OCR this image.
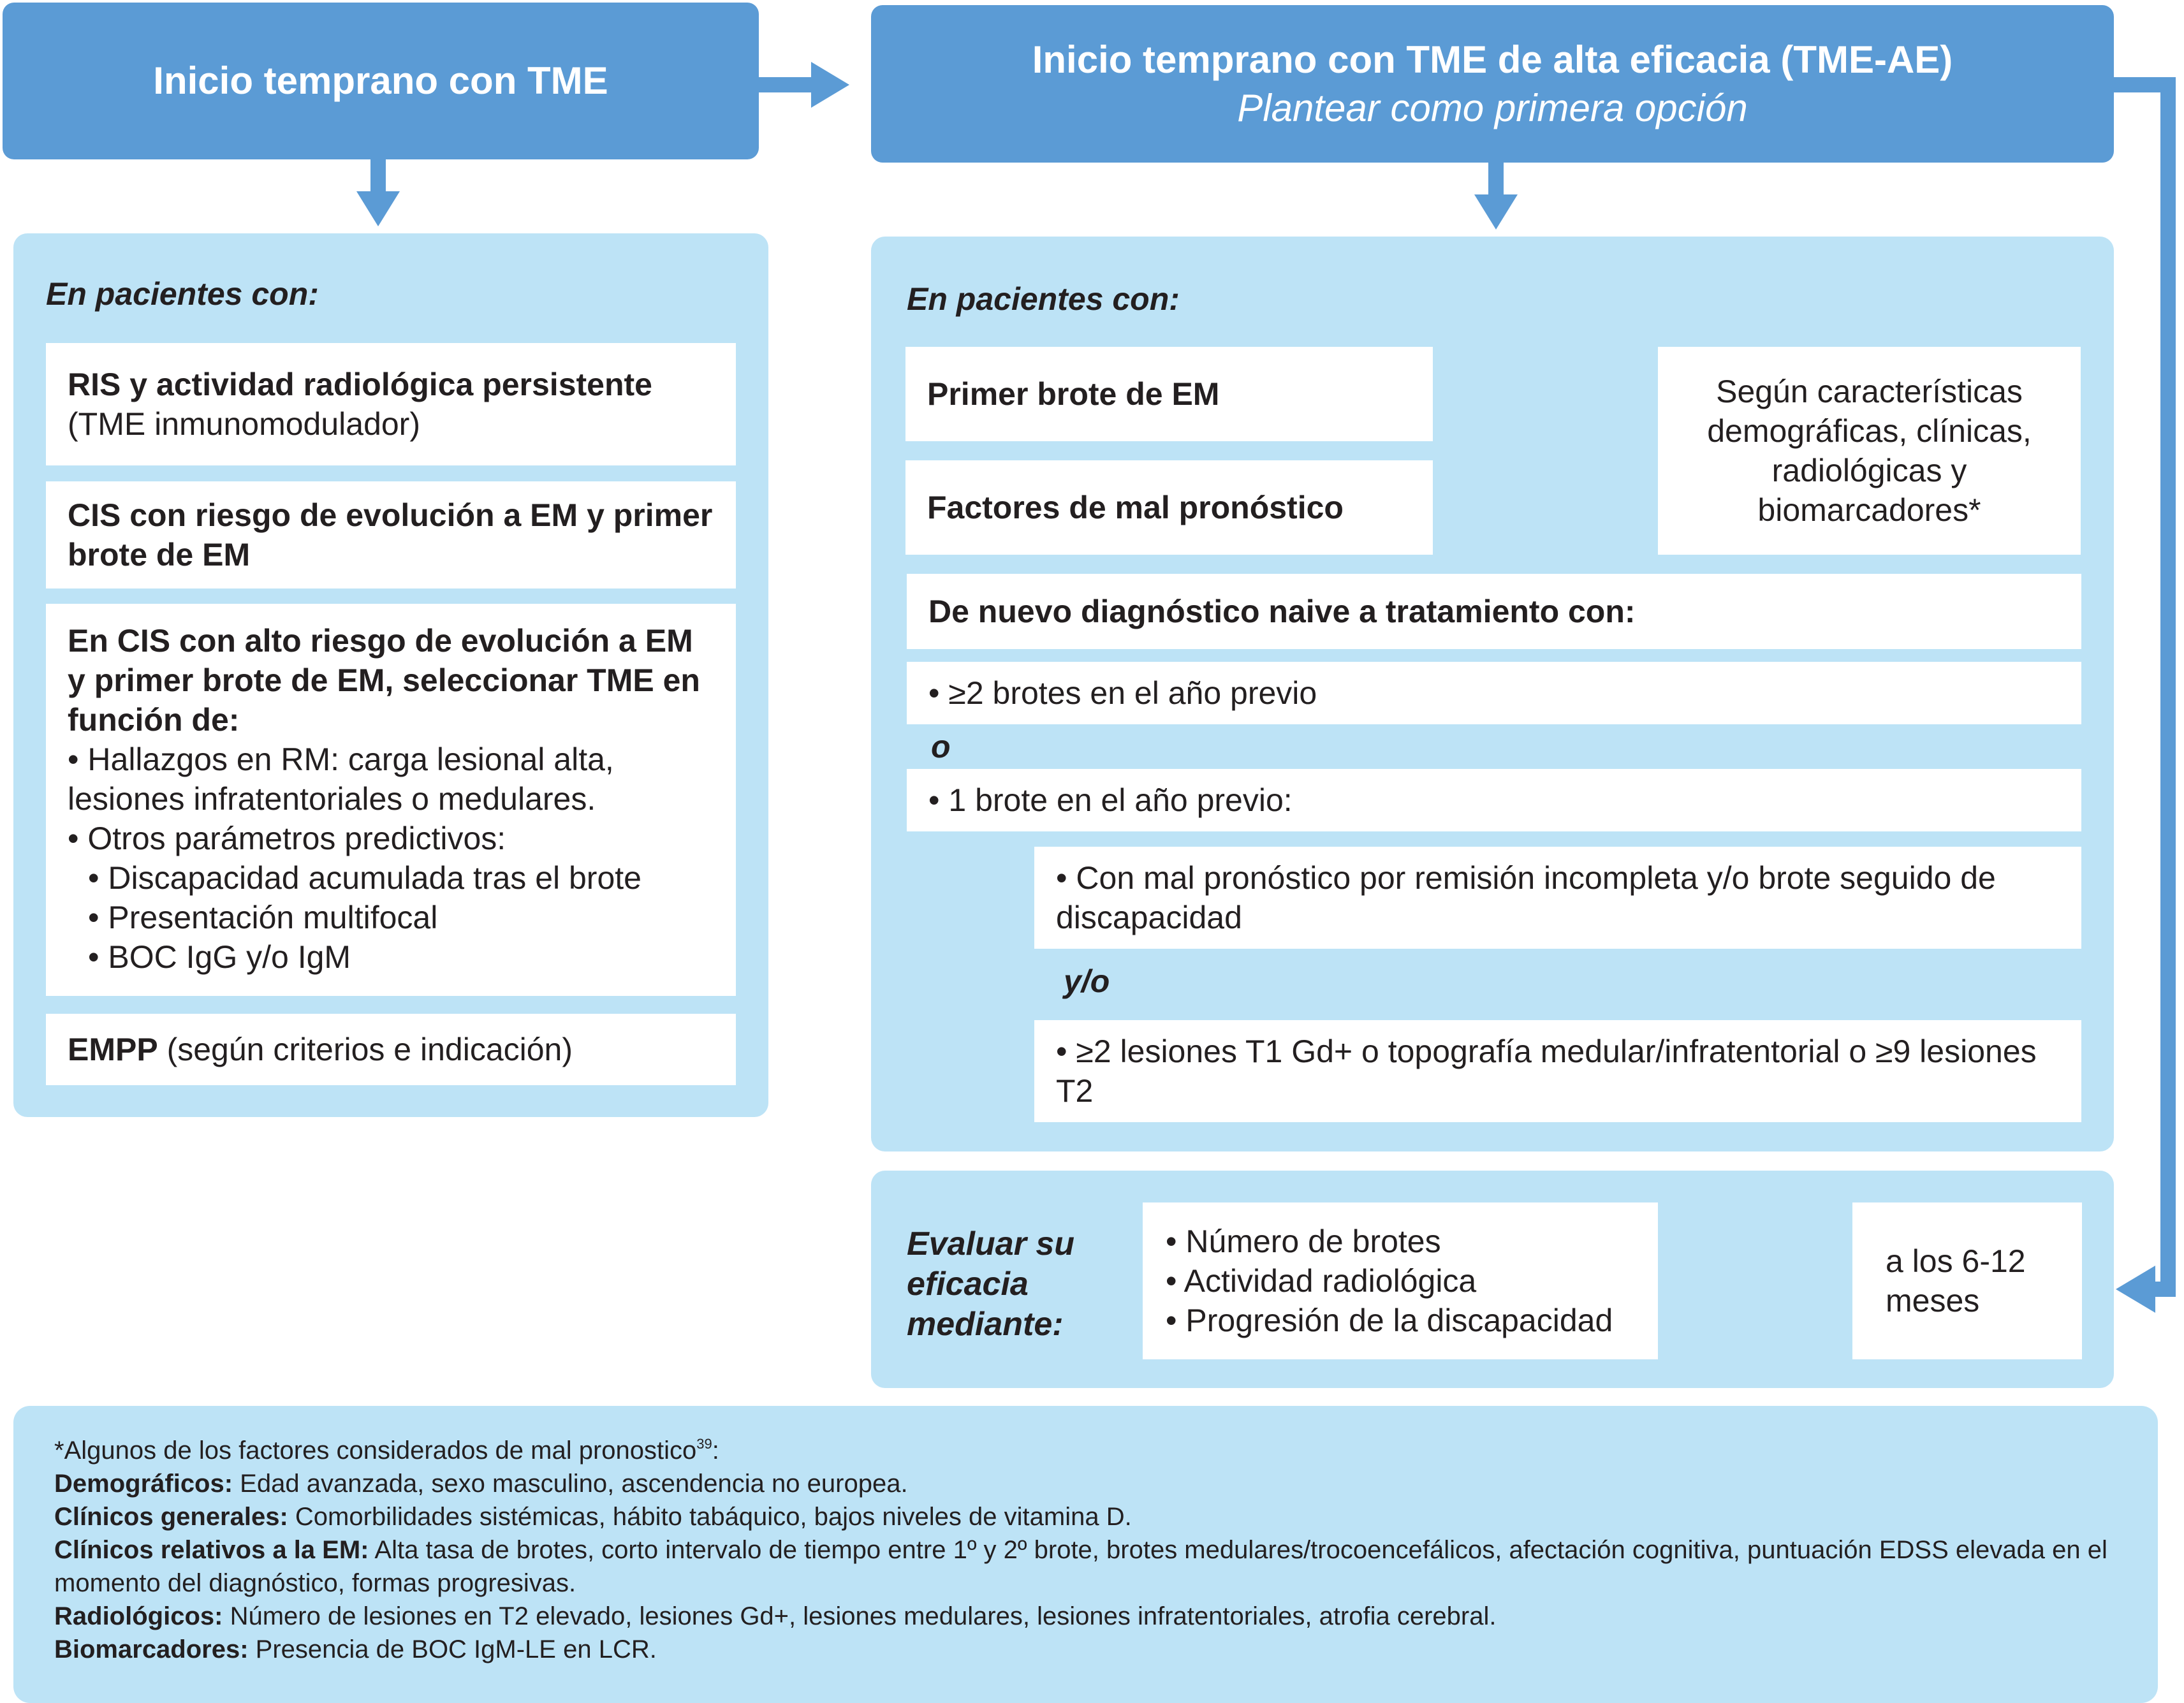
Inicio temprano con TME	Inicio temprano con TME de alta eficacia (TME-AE)
Plantear como primera opción
En pacientes con:
RIS y actividad radiológica persistente
(TME inmunomodulador)
CIS con riesgo de evolución a EM y primer brote de EM
En CIS con alto riesgo de evolución a EM y primer brote de EM, seleccionar TME en función de:
• Hallazgos en RM: carga lesional alta, lesiones infratentoriales o medulares.
• Otros parámetros predictivos:
• Discapacidad acumulada tras el brote
• Presentación multifocal
• BOC IgG y/o IgM
EMPP (según criterios e indicación)
En pacientes con:
Primer brote de EM
Factores de mal pronóstico
Según características demográficas, clínicas, radiológicas y biomarcadores*
De nuevo diagnóstico naive a tratamiento con:
• ≥2 brotes en el año previo
o
• 1 brote en el año previo:
• Con mal pronóstico por remisión incompleta y/o brote seguido de discapacidad
y/o
• ≥2 lesiones T1 Gd+ o topografía medular/infratentorial o ≥9 lesiones T2
Evaluar su eficacia mediante:
• Número de brotes
• Actividad radiológica
• Progresión de la discapacidad
a los 6-12 meses
*Algunos de los factores considerados de mal pronostico$^{39}$:
Demográficos: Edad avanzada, sexo masculino, ascendencia no europea.
Clínicos generales: Comorbilidades sistémicas, hábito tabáquico, bajos niveles de vitamina D.
Clínicos relativos a la EM: Alta tasa de brotes, corto intervalo de tiempo entre 1º y 2º brote, brotes medulares/trocoencefálicos, afectación cognitiva, puntuación EDSS elevada en el momento del diagnóstico, formas progresivas.
Radiológicos: Número de lesiones en T2 elevado, lesiones Gd+, lesiones medulares, lesiones infratentoriales, atrofia cerebral.
Biomarcadores: Presencia de BOC IgM-LE en LCR.
